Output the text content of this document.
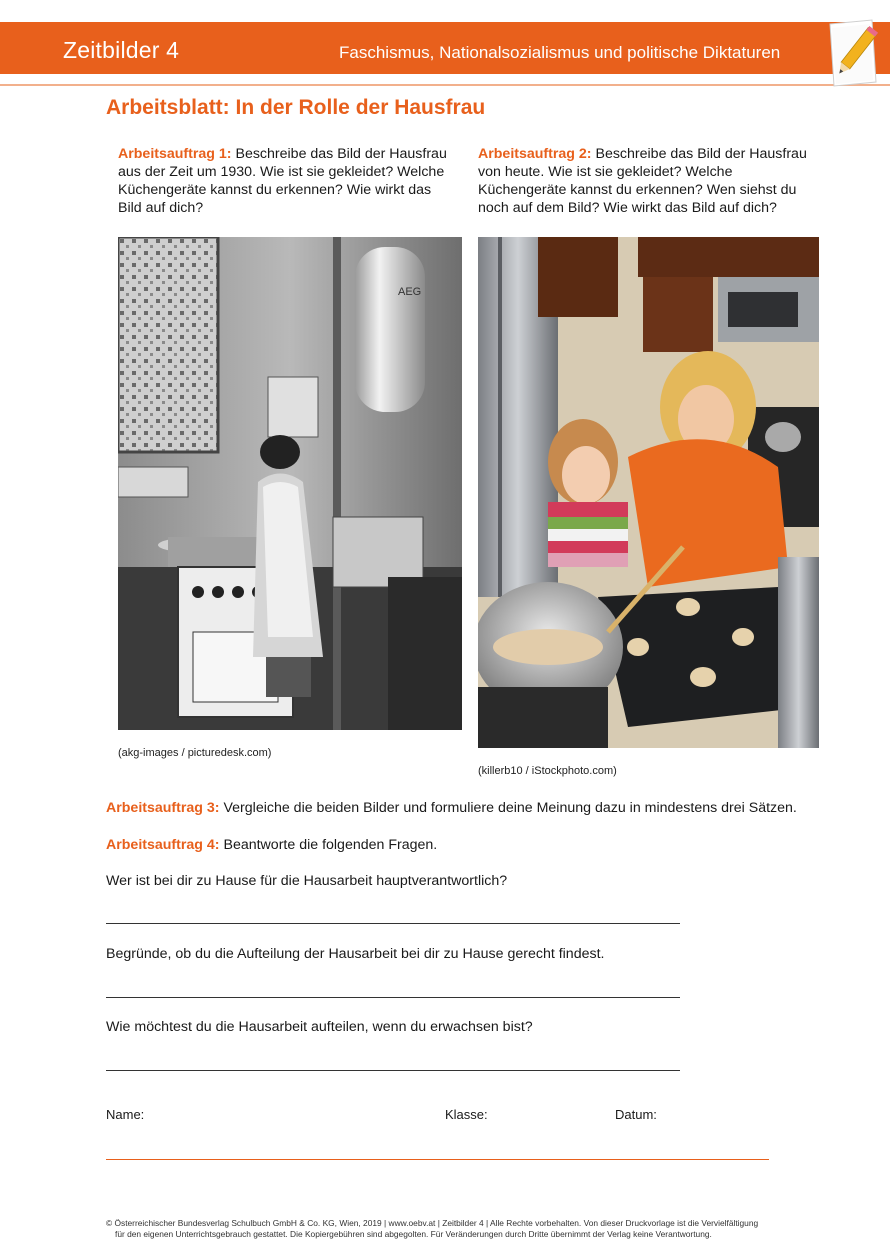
Zeitbilder 4	Faschismus, Nationalsozialismus und politische Diktaturen
Arbeitsblatt: In der Rolle der Hausfrau
Arbeitsauftrag 1: Beschreibe das Bild der Hausfrau aus der Zeit um 1930. Wie ist sie gekleidet? Welche Küchengeräte kannst du erkennen? Wie wirkt das Bild auf dich?
Arbeitsauftrag 2: Beschreibe das Bild der Hausfrau von heute. Wie ist sie gekleidet? Welche Küchengeräte kannst du erkennen? Wen siehst du noch auf dem Bild? Wie wirkt das Bild auf dich?
AEG
(akg-images / picturedesk.com)
(killerb10 / iStockphoto.com)
Arbeitsauftrag 3: Vergleiche die beiden Bilder und formuliere deine Meinung dazu in mindestens drei Sätzen.
Arbeitsauftrag 4: Beantworte die folgenden Fragen.
Wer ist bei dir zu Hause für die Hausarbeit hauptverantwortlich?
Begründe, ob du die Aufteilung der Hausarbeit bei dir zu Hause gerecht findest.
Wie möchtest du die Hausarbeit aufteilen, wenn du erwachsen bist?
Name:	Klasse:	Datum:
© Österreichischer Bundesverlag Schulbuch GmbH & Co. KG, Wien, 2019 | www.oebv.at | Zeitbilder 4 | Alle Rechte vorbehalten. Von dieser Druckvorlage ist die Vervielfältigung
für den eigenen Unterrichtsgebrauch gestattet. Die Kopiergebühren sind abgegolten. Für Veränderungen durch Dritte übernimmt der Verlag keine Verantwortung.
